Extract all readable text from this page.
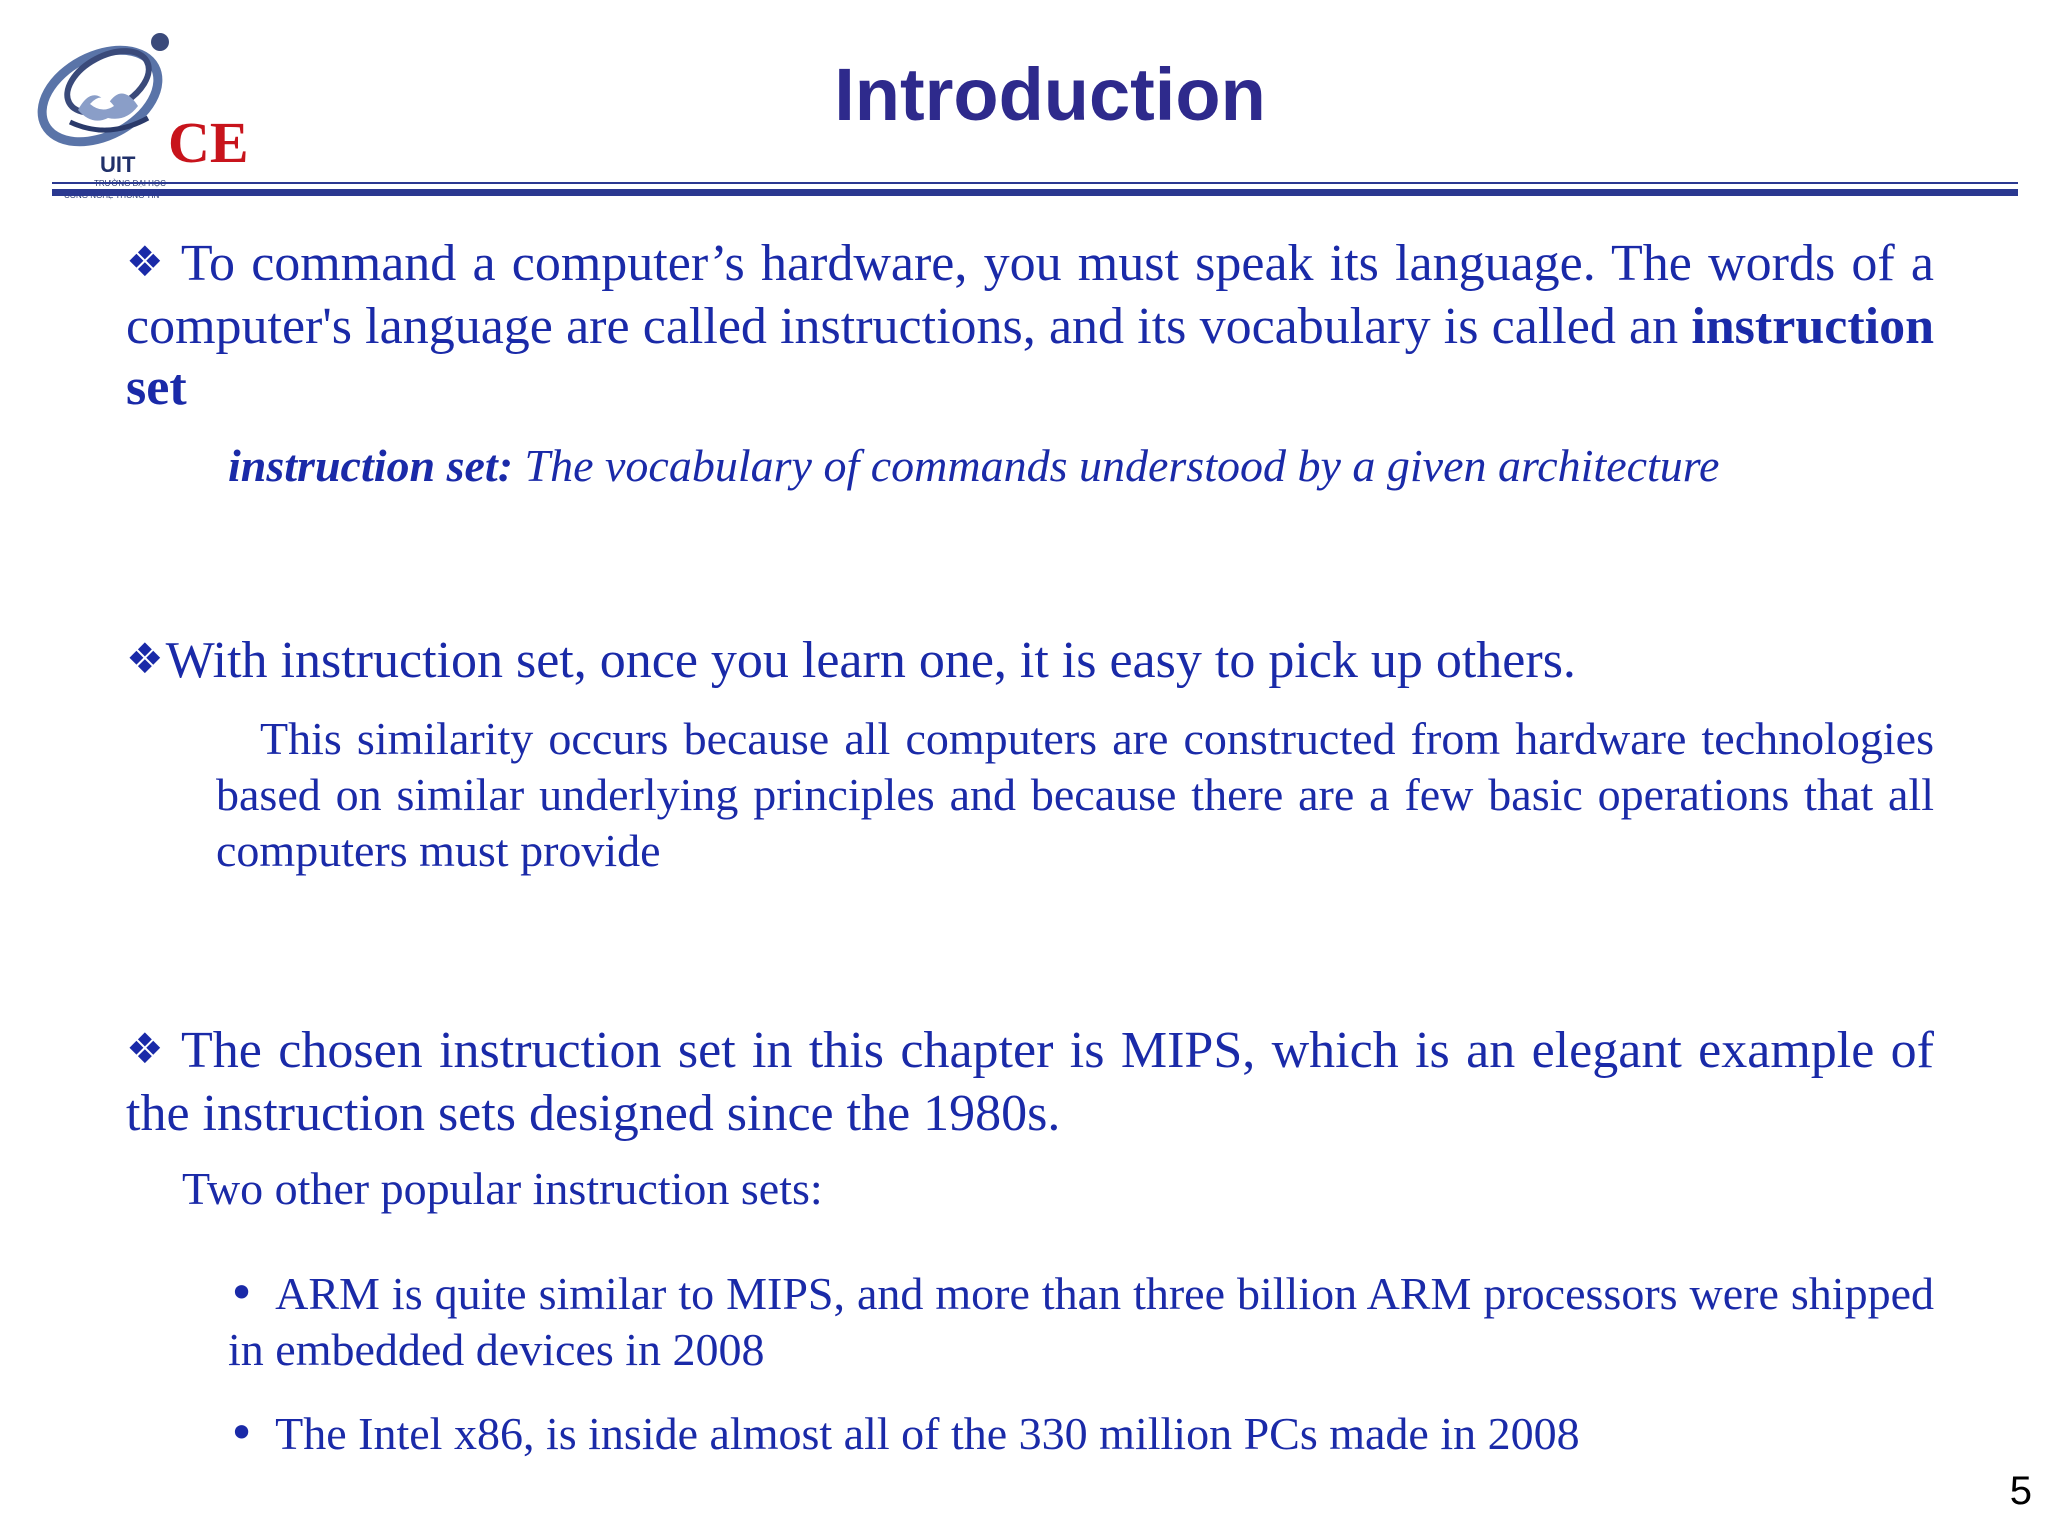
CE
UIT
Introduction

❖ To command a computer’s hardware, you must speak its language. The words of a computer's language are called instructions, and its vocabulary is called an instruction set

instruction set: The vocabulary of commands understood by a given architecture

❖With instruction set, once you learn one, it is easy to pick up others.

This similarity occurs because all computers are constructed from hardware technologies based on similar underlying principles and because there are a few basic operations that all computers must provide

❖ The chosen instruction set in this chapter is MIPS, which is an elegant example of the instruction sets designed since the 1980s.

Two other popular instruction sets:

• ARM is quite similar to MIPS, and more than three billion ARM processors were shipped in embedded devices in 2008

• The Intel x86, is inside almost all of the 330 million PCs made in 2008

5
